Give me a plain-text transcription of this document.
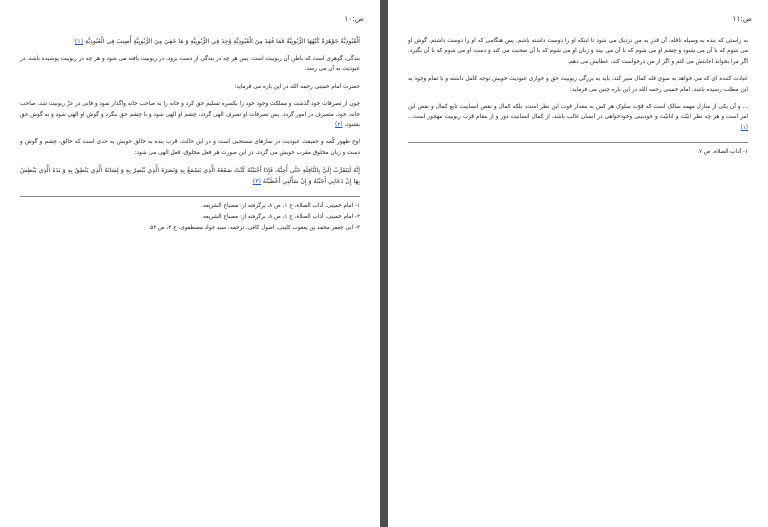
ص:۱۰
اَلْعُبُودِيَّةُ جَوْهَرَةٌ كُنْهُهَا الرُّبُوبِيَّةُ فَمَا فُقِدَ مِنَ الْعُبُودِيَّةِ وُجِدَ فِي الرُّبُوبِيَّةِ وَ مَا خَفِيَ مِنَ الرُّبُوبِيَّةِ أُصِيبَ فِي الْعُبُودِيَّةِ (۱)
بندگی، گوهری است که باطن آن ربوبیت است. پس هر چه در بندگی از دست برود، در ربوبیت یافته می شود و هر چه در ربوبیت پوشیده باشد، در عبودیت به آن می رسد.
حضرت امام خمینی رحمه الله در این باره می فرماید:
چون از تصرفات خود گذشت و مملکت وجود خود را یکسره تسلیم حق کرد و خانه را به صاحب خانه واگذار نمود و فانی در عزّ ربوبیت شد، صاحب خانه، خود، متصرف در امور گردد. پس تصرفات او تصرف الهی گردد، چشم او الهی شود و با چشم حق بنگرد و گوش او الهی شود و به گوش حق بشنود. (۲)
اوج ظهور کُمه و حقیقت عبودیت در نمازهای مستحبی است و در این حالت، قرب بنده به خالق خویش به حدی است که خالق، چشم و گوش و دست و زبان مخلوق مقرب خویش می گردد. در این صورت هر فعل مخلوق، فعل الهی می شود:
إِنَّهُ لَيَتَقَرَّبُ إِلَيَّ بِالنَّافِلَةِ حَتَّى أُحِبَّهُ، فَإِذَا أَحْبَبْتُهُ كُنْتُ سَمْعَهُ الَّذِي يَسْمَعُ بِهِ وَبَصَرَهُ الَّذِي يُبْصِرُ بِهِ وَ لِسَانَهُ الَّذِي يَنْطِقُ بِهِ وَ يَدَهُ الَّذِي يَبْطِشُ بِهَا إِنْ دَعَانِي أَجَبْتُهُ وَ إِنْ سَأَلَنِي أَعْطَيْتُهُ (۳)
۱- امام خمینی، آداب الصلاة، ج ۱، ص ۸، برگرفته از: مصباح الشریعه.
۲- امام خمینی، آداب الصلاة، ج ۱، ص ۸، برگرفته از: مصباح الشریعه.
۳- ابی جعفر محمد بن یعقوب کلینی، اصول کافی، ترجمه: سید جواد مصطفوی، ج ۴، ص ۵۳.
ص:۱۱
به راستی که بنده به وسیله نافله، آن قدر به من نزدیک می شود تا اینکه او را دوست داشته باشم. پس هنگامی که او را دوست داشتم، گوش او می شوم که با آن می شنود و چشم او می شوم که با آن می بیند و زبان او می شوم که با آن صحبت می کند و دست او می شوم که با آن بگیرد. اگر مرا بخواند اجابتش می کنم و اگر از من درخواست کند، عطایش می دهم.
عبادت کننده ای که می خواهد به سوی قله کمال سیر کند، باید به بزرگی ربوبیت حق و خواری عبودیت خویش توجه کامل داشته و با تمام وجود به این مطلب رسیده باشد. امام خمینی رحمه الله در این باره چنین می فرماید:
... و آن یکی از منازل مهمه سالک است که قوّت سلوک هر کس به مقدار قوت این نظر است، بلکه کمال و نقص انسانیت تابع کمال و نقص این امر است و هر چه نظر انیّت و انانیّت و خودبینی وخودخواهی در انسان غالب باشد، از کمال انسانیت دور و از مقام قرب ربوبیت مهجور است... (۱)
۱- آداب الصلاة، ص ۷.
